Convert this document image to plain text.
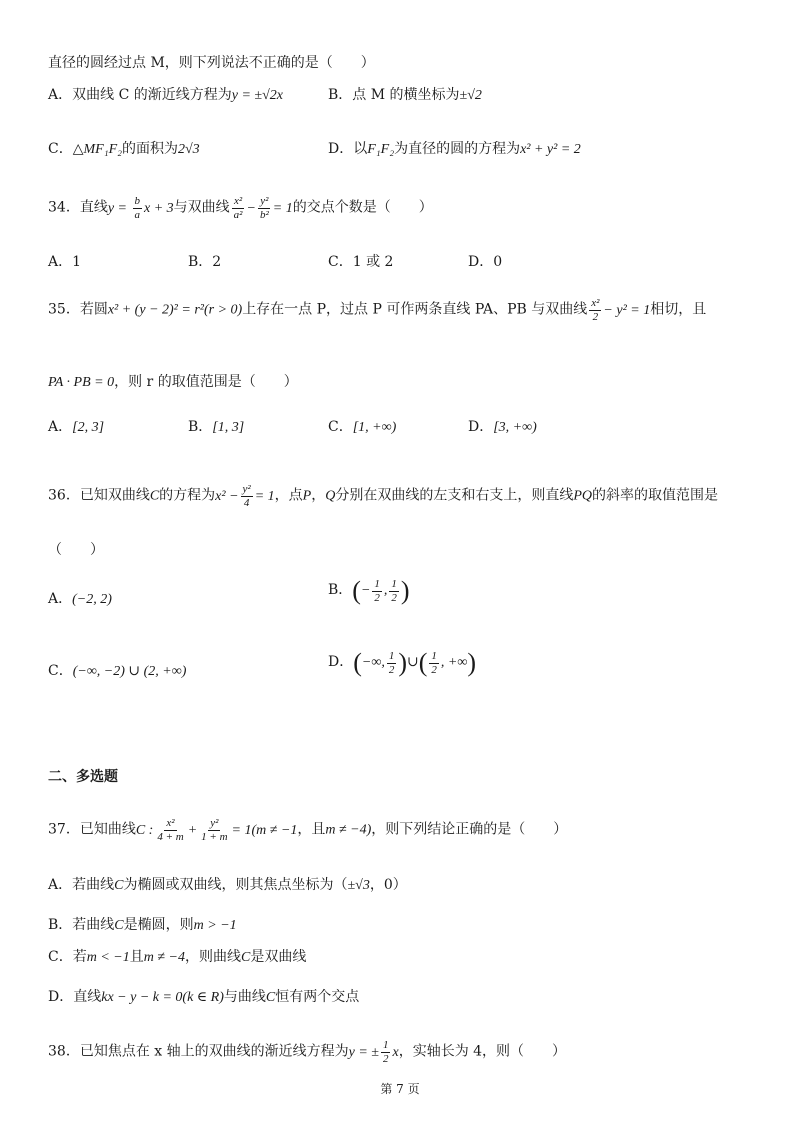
直径的圆经过点 M，则下列说法不正确的是（　　）
A．双曲线 C 的渐近线方程为y = ±√2x	B．点 M 的横坐标为±√2
C．△MF₁F₂的面积为2√3	D．以F₁F₂为直径的圆的方程为x² + y² = 2
34．直线$y = \frac{b}{a}$ x + 3与双曲线 $\frac{\text{x²}}{\text{a²}} - \frac{\text{y²}}{\text{b²}} = 1$的交点个数是（　　）
A．1	B．2	C．1 或 2	D．0
35．若圆x² + (y − 2)² = r²(r > 0)上存在一点 P，过点 P 可作两条直线 PA、PB 与双曲线 $\frac{\text{x²}}{2} - y^2 = 1$相切，且
PA · PB = 0，则 r 的取值范围是（　　）
A．[2, 3]	B．[1, 3]	C．[1, +∞)	D．[3, +∞)
36．已知双曲线C的方程为$x^2 - \frac{\text{y²}}{4} = 1$，点P，Q分别在双曲线的左支和右支上，则直线PQ的斜率的取值范围是
（　　）
A．(−2, 2)
B．(− $\frac{1}{2}$ , $\frac{1}{2}$ )
C．(−∞, −2) ∪ (2, +∞)
D．(−∞, $\frac{1}{2}$ )∪( $\frac{1}{2}$ , +∞)
二、多选题
37．已知曲线C : $\frac{\text{x²}}{4 + m} + \frac{\text{y²}}{1 + m} = 1(m \ne -1$，且m ≠ −4)，则下列结论正确的是（　　）
A．若曲线C为椭圆或双曲线，则其焦点坐标为（±√3，0）
B．若曲线C是椭圆，则m > −1
C．若m < −1且m ≠ −4，则曲线C是双曲线
D．直线kx − y − k = 0(k ∈ R)与曲线C恒有两个交点
38．已知焦点在 x 轴上的双曲线的渐近线方程为y = ± $\frac{1}{2}$ x，实轴长为 4，则（　　）
第 7 页
